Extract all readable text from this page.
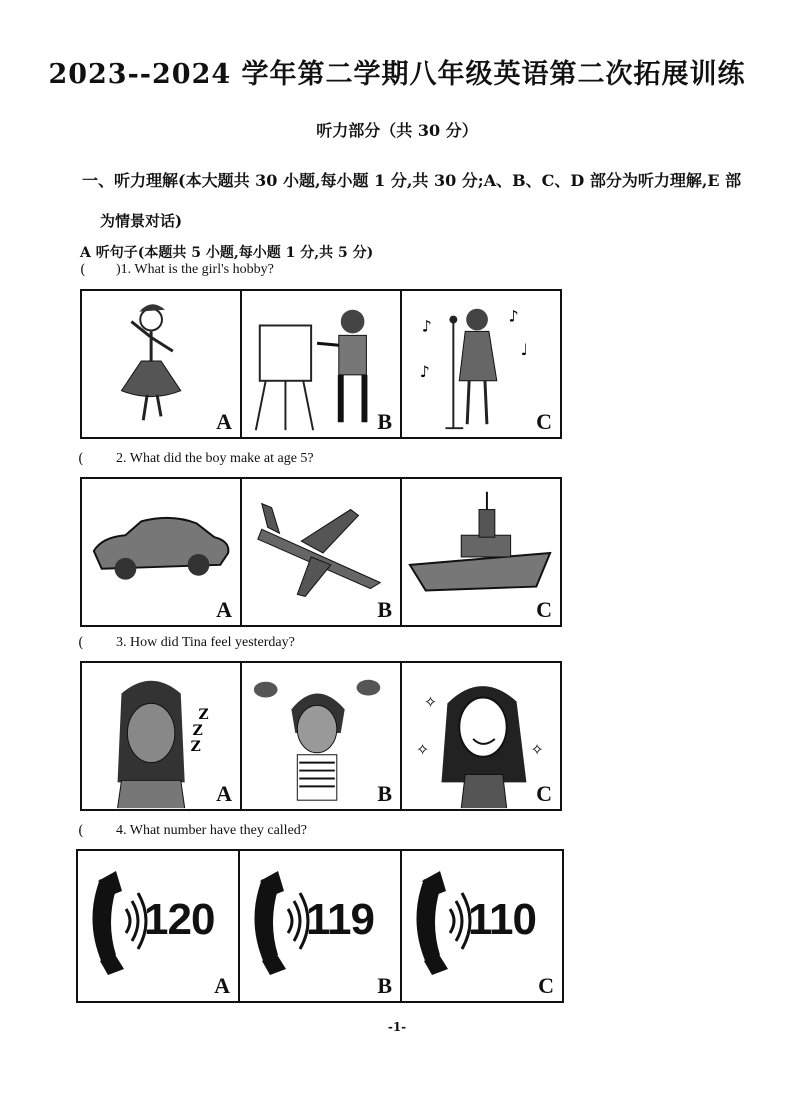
2023--2024 学年第二学期八年级英语第二次拓展训练
听力部分（共 30 分）
一、听力理解(本大题共 30 小题,每小题 1 分,共 30 分;A、B、C、D 部分为听力理解,E 部
为情景对话)
A 听句子(本题共 5 小题,每小题 1 分,共 5 分)
( )1. What is the girl's hobby?
A	B
♪
♪
♪
♩
C
( 2. What did the boy make at age 5?
A	B	C
( 3. How did Tina feel yesterday?
Z
Z
Z
A	B
✧
✧	✧
C
( 4. What number have they called?
120
A
119
B
110
C
-1-
